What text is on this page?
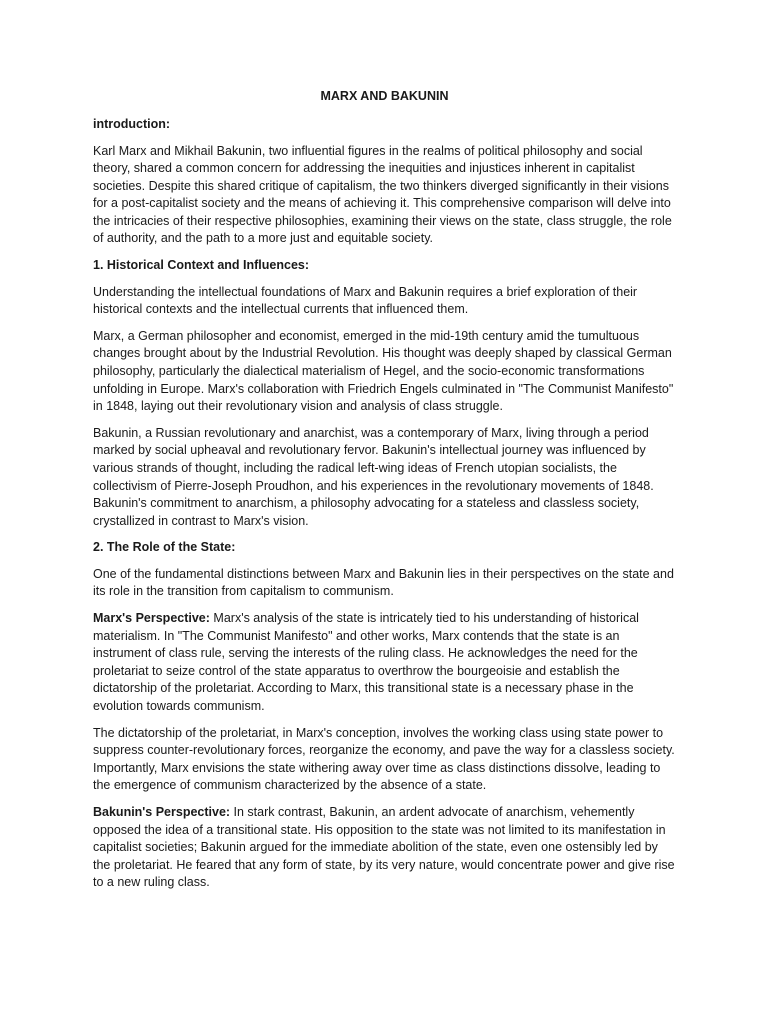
MARX AND BAKUNIN
introduction:

Karl Marx and Mikhail Bakunin, two influential figures in the realms of political philosophy and social theory, shared a common concern for addressing the inequities and injustices inherent in capitalist societies. Despite this shared critique of capitalism, the two thinkers diverged significantly in their visions for a post-capitalist society and the means of achieving it. This comprehensive comparison will delve into the intricacies of their respective philosophies, examining their views on the state, class struggle, the role of authority, and the path to a more just and equitable society.

1. Historical Context and Influences:

Understanding the intellectual foundations of Marx and Bakunin requires a brief exploration of their historical contexts and the intellectual currents that influenced them.

Marx, a German philosopher and economist, emerged in the mid-19th century amid the tumultuous changes brought about by the Industrial Revolution. His thought was deeply shaped by classical German philosophy, particularly the dialectical materialism of Hegel, and the socio-economic transformations unfolding in Europe. Marx's collaboration with Friedrich Engels culminated in "The Communist Manifesto" in 1848, laying out their revolutionary vision and analysis of class struggle.

Bakunin, a Russian revolutionary and anarchist, was a contemporary of Marx, living through a period marked by social upheaval and revolutionary fervor. Bakunin's intellectual journey was influenced by various strands of thought, including the radical left-wing ideas of French utopian socialists, the collectivism of Pierre-Joseph Proudhon, and his experiences in the revolutionary movements of 1848. Bakunin's commitment to anarchism, a philosophy advocating for a stateless and classless society, crystallized in contrast to Marx's vision.

2. The Role of the State:

One of the fundamental distinctions between Marx and Bakunin lies in their perspectives on the state and its role in the transition from capitalism to communism.

Marx's Perspective: Marx's analysis of the state is intricately tied to his understanding of historical materialism. In "The Communist Manifesto" and other works, Marx contends that the state is an instrument of class rule, serving the interests of the ruling class. He acknowledges the need for the proletariat to seize control of the state apparatus to overthrow the bourgeoisie and establish the dictatorship of the proletariat. According to Marx, this transitional state is a necessary phase in the evolution towards communism.

The dictatorship of the proletariat, in Marx's conception, involves the working class using state power to suppress counter-revolutionary forces, reorganize the economy, and pave the way for a classless society. Importantly, Marx envisions the state withering away over time as class distinctions dissolve, leading to the emergence of communism characterized by the absence of a state.

Bakunin's Perspective: In stark contrast, Bakunin, an ardent advocate of anarchism, vehemently opposed the idea of a transitional state. His opposition to the state was not limited to its manifestation in capitalist societies; Bakunin argued for the immediate abolition of the state, even one ostensibly led by the proletariat. He feared that any form of state, by its very nature, would concentrate power and give rise to a new ruling class.
